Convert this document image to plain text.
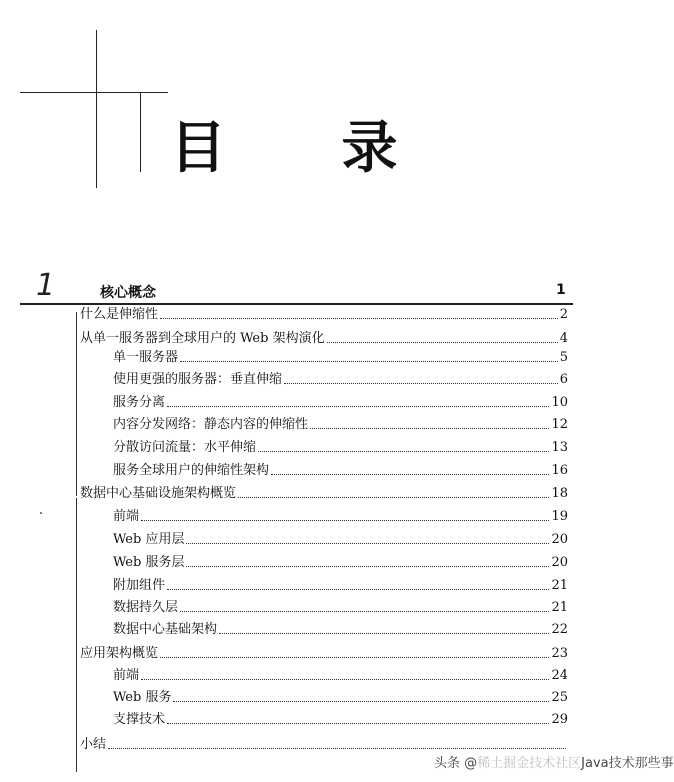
目 录
1	核心概念	1
什么是伸缩性	2
从单一服务器到全球用户的 Web 架构演化	4
单一服务器	5
使用更强的服务器：垂直伸缩	6
服务分离	10
内容分发网络：静态内容的伸缩性	12
分散访问流量：水平伸缩	13
服务全球用户的伸缩性架构	16
数据中心基础设施架构概览	18
前端	19
Web 应用层	20
Web 服务层	20
附加组件	21
数据持久层	21
数据中心基础架构	22
应用架构概览	23
前端	24
Web 服务	25
支撑技术	29
小结
头条 @稀土掘金技术社区Java技术那些事
